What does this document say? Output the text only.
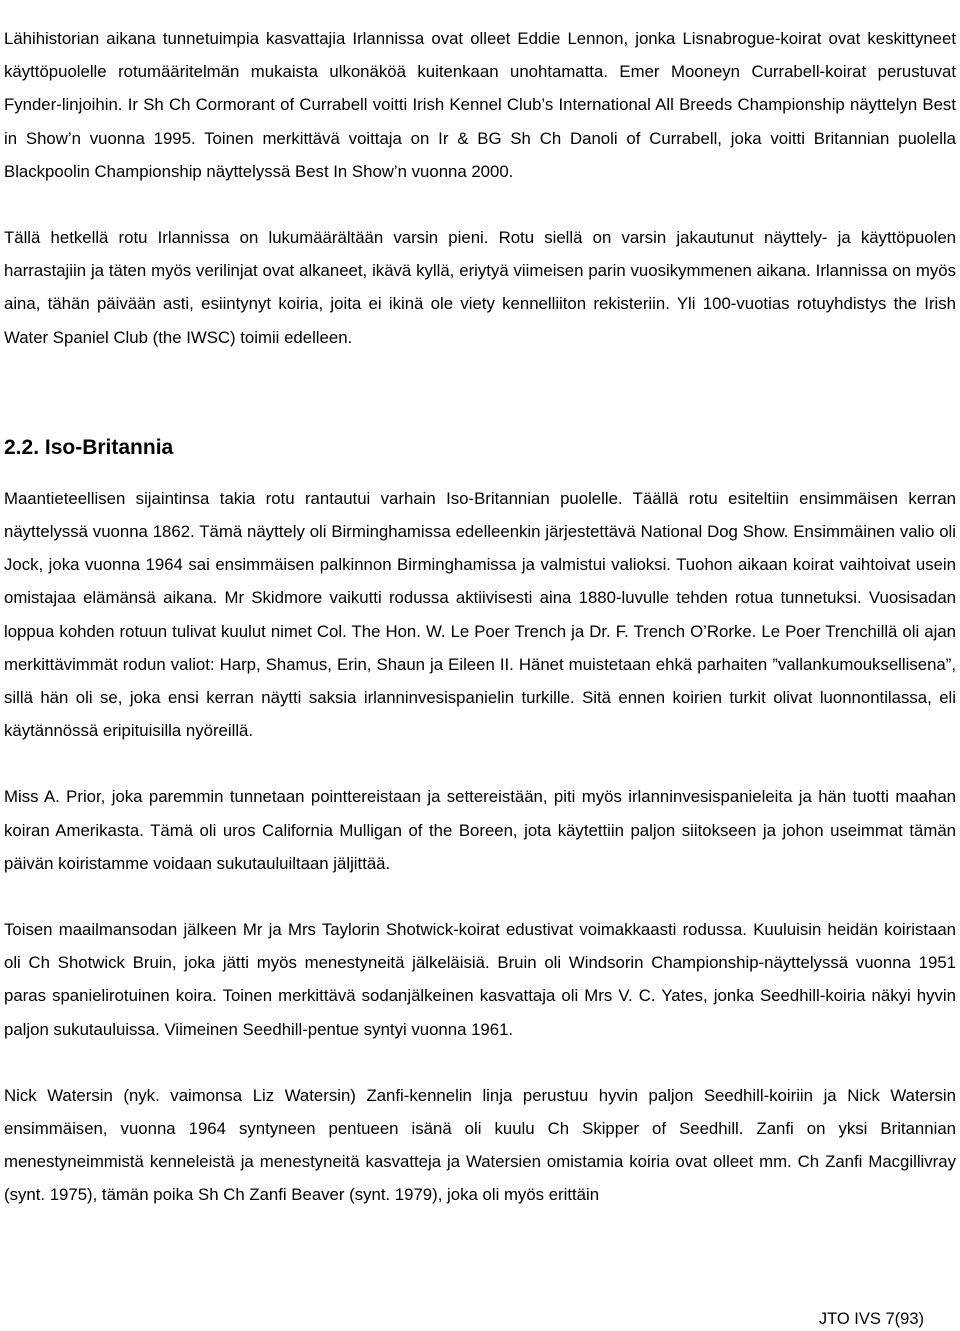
Lähihistorian aikana tunnetuimpia kasvattajia Irlannissa ovat olleet Eddie Lennon, jonka Lisnabrogue-koirat ovat keskittyneet käyttöpuolelle rotumääritelmän mukaista ulkonäköä kuitenkaan unohtamatta. Emer Mooneyn Currabell-koirat perustuvat Fynder-linjoihin. Ir Sh Ch Cormorant of Currabell voitti Irish Kennel Club’s International All Breeds Championship näyttelyn Best in Show’n vuonna 1995. Toinen merkittävä voittaja on Ir & BG Sh Ch Danoli of Currabell, joka voitti Britannian puolella Blackpoolin Championship näyttelyssä Best In Show’n vuonna 2000.

Tällä hetkellä rotu Irlannissa on lukumäärältään varsin pieni. Rotu siellä on varsin jakautunut näyttely- ja käyttöpuolen harrastajiin ja täten myös verilinjat ovat alkaneet, ikävä kyllä, eriytyä viimeisen parin vuosikymmenen aikana. Irlannissa on myös aina, tähän päivään asti, esiintynyt koiria, joita ei ikinä ole viety kennelliiton rekisteriin. Yli 100-vuotias rotuyhdistys the Irish Water Spaniel Club (the IWSC) toimii edelleen.

2.2. Iso-Britannia

Maantieteellisen sijaintinsa takia rotu rantautui varhain Iso-Britannian puolelle. Täällä rotu esiteltiin ensimmäisen kerran näyttelyssä vuonna 1862. Tämä näyttely oli Birminghamissa edelleenkin järjestettävä National Dog Show. Ensimmäinen valio oli Jock, joka vuonna 1964 sai ensimmäisen palkinnon Birminghamissa ja valmistui valioksi. Tuohon aikaan koirat vaihtoivat usein omistajaa elämänsä aikana. Mr Skidmore vaikutti rodussa aktiivisesti aina 1880-luvulle tehden rotua tunnetuksi. Vuosisadan loppua kohden rotuun tulivat kuulut nimet Col. The Hon. W. Le Poer Trench ja Dr. F. Trench O’Rorke. Le Poer Trenchillä oli ajan merkittävimmät rodun valiot: Harp, Shamus, Erin, Shaun ja Eileen II. Hänet muistetaan ehkä parhaiten ”vallankumouksellisena”, sillä hän oli se, joka ensi kerran näytti saksia irlanninvesispanielin turkille. Sitä ennen koirien turkit olivat luonnontilassa, eli käytännössä eripituisilla nyöreillä.

Miss A. Prior, joka paremmin tunnetaan pointtereistaan ja settereistään, piti myös irlanninvesispanieleita ja hän tuotti maahan koiran Amerikasta. Tämä oli uros California Mulligan of the Boreen, jota käytettiin paljon siitokseen ja johon useimmat tämän päivän koiristamme voidaan sukutauluiltaan jäljittää.

Toisen maailmansodan jälkeen Mr ja Mrs Taylorin Shotwick-koirat edustivat voimakkaasti rodussa. Kuuluisin heidän koiristaan oli Ch Shotwick Bruin, joka jätti myös menestyneitä jälkeläisiä. Bruin oli Windsorin Championship-näyttelyssä vuonna 1951 paras spanielirotuinen koira. Toinen merkittävä sodanjälkeinen kasvattaja oli Mrs V. C. Yates, jonka Seedhill-koiria näkyi hyvin paljon sukutauluissa. Viimeinen Seedhill-pentue syntyi vuonna 1961.

Nick Watersin (nyk. vaimonsa Liz Watersin) Zanfi-kennelin linja perustuu hyvin paljon Seedhill-koiriin ja Nick Watersin ensimmäisen, vuonna 1964 syntyneen pentueen isänä oli kuulu Ch Skipper of Seedhill. Zanfi on yksi Britannian menestyneimmistä kenneleistä ja menestyneitä kasvatteja ja Watersien omistamia koiria ovat olleet mm. Ch Zanfi Macgillivray (synt. 1975), tämän poika Sh Ch Zanfi Beaver (synt. 1979), joka oli myös erittäin

JTO IVS 7(93)
